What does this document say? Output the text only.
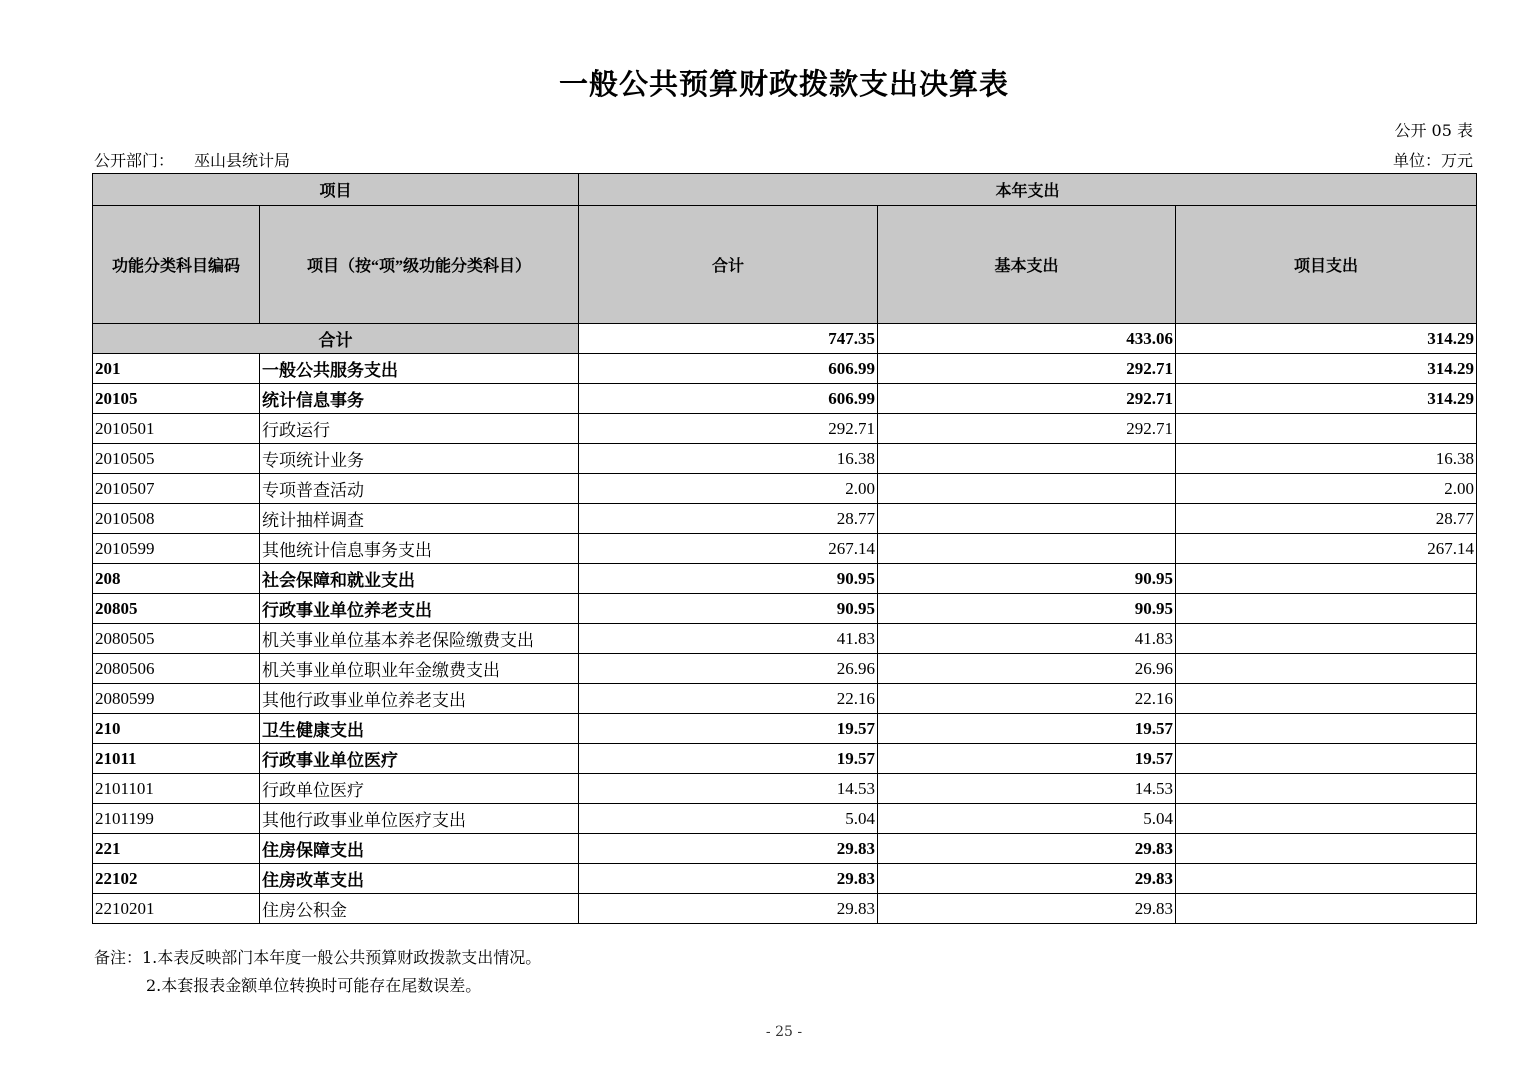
一般公共预算财政拨款支出决算表
公开 05 表
公开部门： 巫山县统计局	单位：万元
项目		本年支出		
功能分类科目编码	项目（按“项”级功能分类科目）	合计	基本支出	项目支出
合计		747.35	433.06	314.29
201	一般公共服务支出	606.99	292.71	314.29
20105	统计信息事务	606.99	292.71	314.29
2010501	行政运行	292.71	292.71	
2010505	专项统计业务	16.38		16.38
2010507	专项普查活动	2.00		2.00
2010508	统计抽样调查	28.77		28.77
2010599	其他统计信息事务支出	267.14		267.14
208	社会保障和就业支出	90.95	90.95	
20805	行政事业单位养老支出	90.95	90.95	
2080505	机关事业单位基本养老保险缴费支出	41.83	41.83	
2080506	机关事业单位职业年金缴费支出	26.96	26.96	
2080599	其他行政事业单位养老支出	22.16	22.16	
210	卫生健康支出	19.57	19.57	
21011	行政事业单位医疗	19.57	19.57	
2101101	行政单位医疗	14.53	14.53	
2101199	其他行政事业单位医疗支出	5.04	5.04	
221	住房保障支出	29.83	29.83	
22102	住房改革支出	29.83	29.83	
2210201	住房公积金	29.83	29.83	
备注：1.本表反映部门本年度一般公共预算财政拨款支出情况。
2.本套报表金额单位转换时可能存在尾数误差。
- 25 -
